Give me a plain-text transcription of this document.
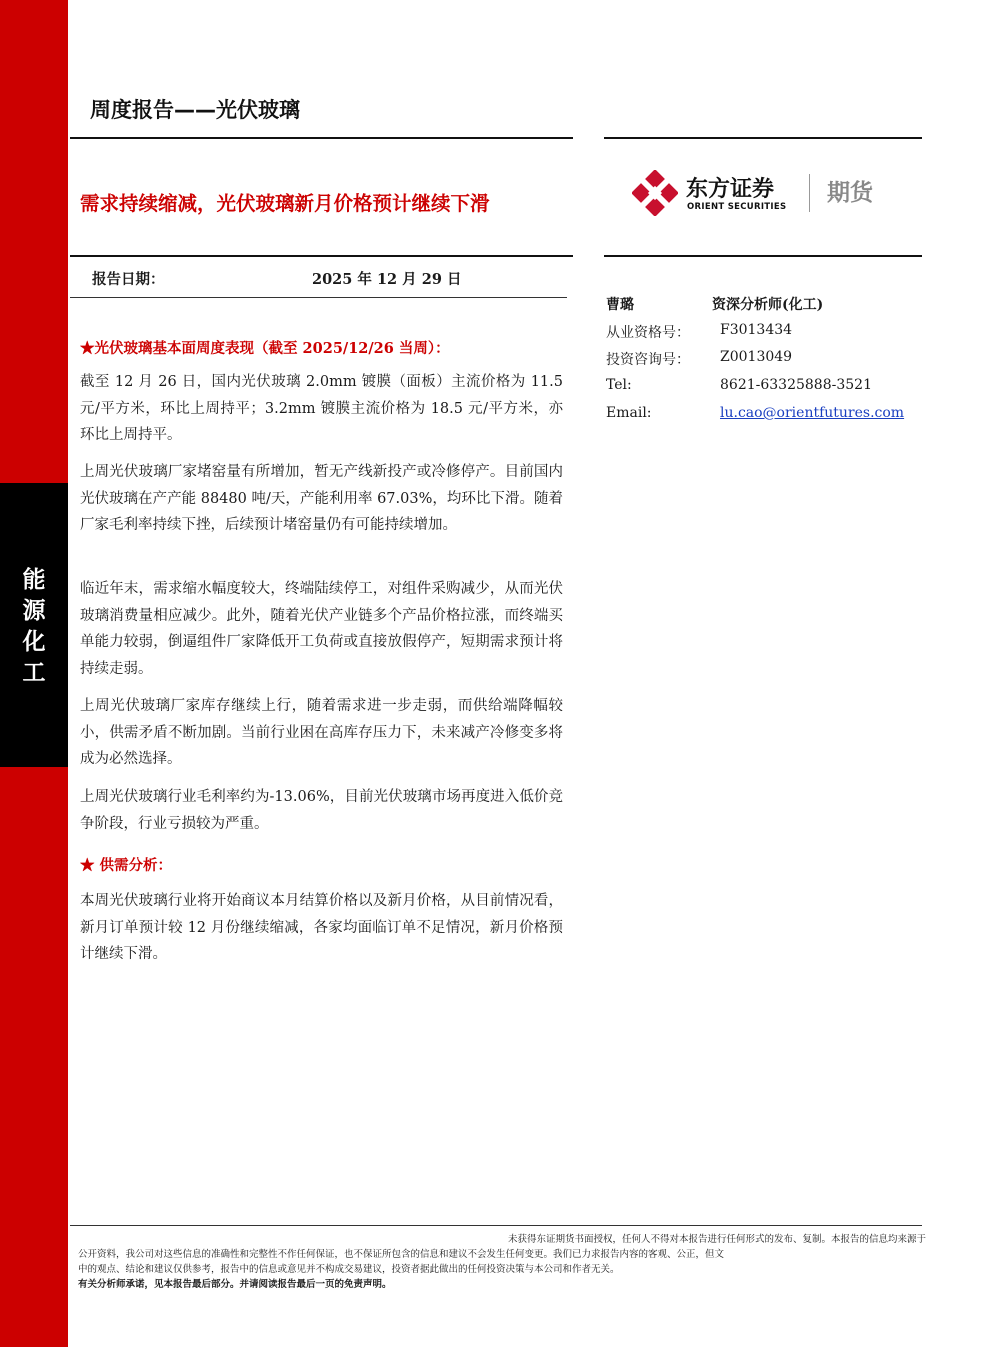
能
源
化
工
周度报告——光伏玻璃
需求持续缩减，光伏玻璃新月价格预计继续下滑
东方证券
ORIENT SECURITIES
期货
报告日期：	2025 年 12 月 29 日
曹璐	资深分析师(化工)
从业资格号： F3013434
投资咨询号： Z0013049
Tel:	8621-63325888-3521
Email:	lu.cao@orientfutures.com
★光伏玻璃基本面周度表现（截至 2025/12/26 当周）：
截至 12 月 26 日，国内光伏玻璃 2.0mm 镀膜（面板）主流价格为 11.5 元/平方米，环比上周持平；3.2mm 镀膜主流价格为 18.5 元/平方米，亦环比上周持平。
上周光伏玻璃厂家堵窑量有所增加，暂无产线新投产或冷修停产。目前国内光伏玻璃在产产能 88480 吨/天，产能利用率 67.03%，均环比下滑。随着厂家毛利率持续下挫，后续预计堵窑量仍有可能持续增加。
临近年末，需求缩水幅度较大，终端陆续停工，对组件采购减少，从而光伏玻璃消费量相应减少。此外，随着光伏产业链多个产品价格拉涨，而终端买单能力较弱，倒逼组件厂家降低开工负荷或直接放假停产，短期需求预计将持续走弱。
上周光伏玻璃厂家库存继续上行，随着需求进一步走弱，而供给端降幅较小，供需矛盾不断加剧。当前行业困在高库存压力下，未来减产冷修变多将成为必然选择。
上周光伏玻璃行业毛利率约为-13.06%，目前光伏玻璃市场再度进入低价竞争阶段，行业亏损较为严重。
★ 供需分析：
本周光伏玻璃行业将开始商议本月结算价格以及新月价格，从目前情况看，新月订单预计较 12 月份继续缩减，各家均面临订单不足情况，新月价格预计继续下滑。
未获得东证期货书面授权，任何人不得对本报告进行任何形式的发布、复制。本报告的信息均来源于
公开资料，我公司对这些信息的准确性和完整性不作任何保证，也不保证所包含的信息和建议不会发生任何变更。我们已力求报告内容的客观、公正，但文
中的观点、结论和建议仅供参考，报告中的信息或意见并不构成交易建议，投资者据此做出的任何投资决策与本公司和作者无关。
有关分析师承诺，见本报告最后部分。并请阅读报告最后一页的免责声明。
